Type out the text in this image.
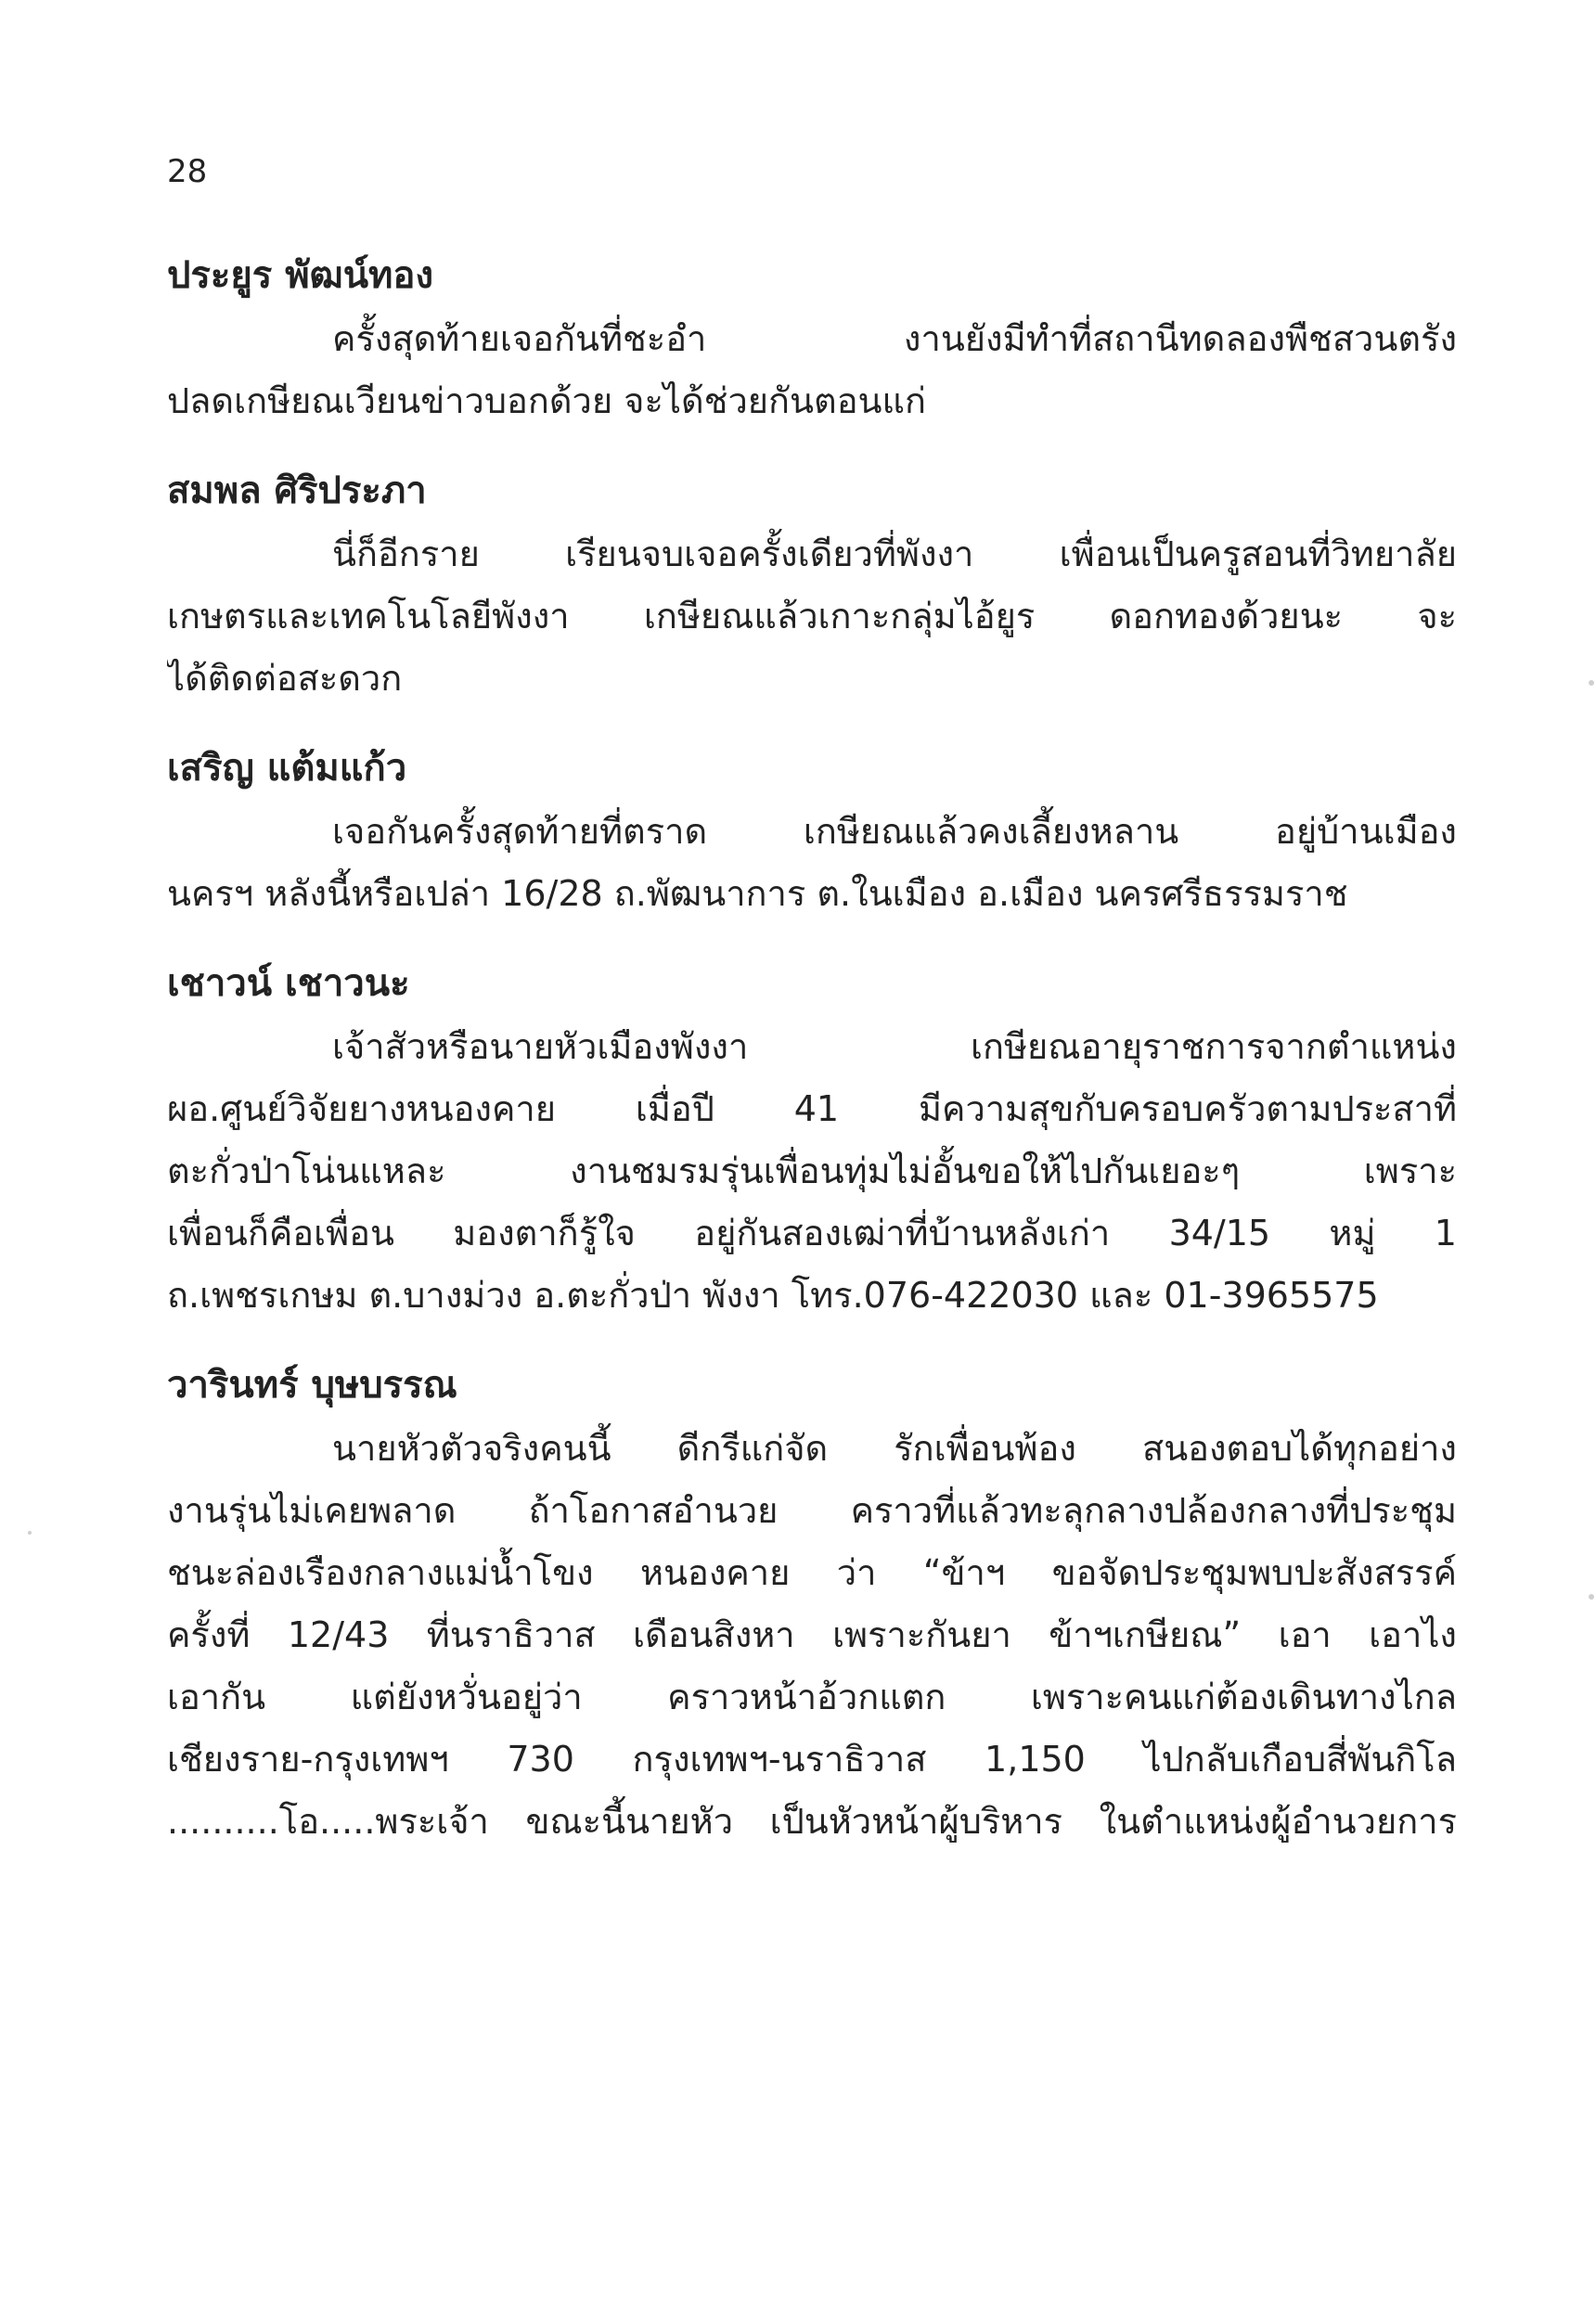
28
ประยูร พัฒน์ทอง
ครั้งสุดท้ายเจอกันที่ชะอำ งานยังมีทำที่สถานีทดลองพืชสวนตรัง
ปลดเกษียณเวียนข่าวบอกด้วย จะได้ช่วยกันตอนแก่
สมพล ศิริประภา
นี่ก็อีกราย เรียนจบเจอครั้งเดียวที่พังงา เพื่อนเป็นครูสอนที่วิทยาลัย
เกษตรและเทคโนโลยีพังงา เกษียณแล้วเกาะกลุ่มไอ้ยูร ดอกทองด้วยนะ จะ
ได้ติดต่อสะดวก
เสริญ แต้มแก้ว
เจอกันครั้งสุดท้ายที่ตราด เกษียณแล้วคงเลี้ยงหลาน อยู่บ้านเมือง
นครฯ หลังนี้หรือเปล่า 16/28 ถ.พัฒนาการ ต.ในเมือง อ.เมือง นครศรีธรรมราช
เชาวน์ เชาวนะ
เจ้าสัวหรือนายหัวเมืองพังงา เกษียณอายุราชการจากตำแหน่ง
ผอ.ศูนย์วิจัยยางหนองคาย เมื่อปี 41 มีความสุขกับครอบครัวตามประสาที่
ตะกั่วป่าโน่นแหละ งานชมรมรุ่นเพื่อนทุ่มไม่อั้นขอให้ไปกันเยอะๆ เพราะ
เพื่อนก็คือเพื่อน มองตาก็รู้ใจ อยู่กันสองเฒ่าที่บ้านหลังเก่า 34/15 หมู่ 1
ถ.เพชรเกษม ต.บางม่วง อ.ตะกั่วป่า พังงา โทร.076-422030 และ 01-3965575
วารินทร์ บุษบรรณ
นายหัวตัวจริงคนนี้ ดีกรีแก่จัด รักเพื่อนพ้อง สนองตอบได้ทุกอย่าง
งานรุ่นไม่เคยพลาด ถ้าโอกาสอำนวย คราวที่แล้วทะลุกลางปล้องกลางที่ประชุม
ชนะล่องเรืองกลางแม่น้ำโขง หนองคาย ว่า “ข้าฯ ขอจัดประชุมพบปะสังสรรค์
ครั้งที่ 12/43 ที่นราธิวาส เดือนสิงหา เพราะกันยา ข้าฯเกษียณ” เอา เอาไง
เอากัน แต่ยังหวั่นอยู่ว่า คราวหน้าอ้วกแตก เพราะคนแก่ต้องเดินทางไกล
เชียงราย-กรุงเทพฯ 730 กรุงเทพฯ-นราธิวาส 1,150 ไปกลับเกือบสี่พันกิโล
..........โอ.....พระเจ้า ขณะนี้นายหัว เป็นหัวหน้าผู้บริหาร ในตำแหน่งผู้อำนวยการ
